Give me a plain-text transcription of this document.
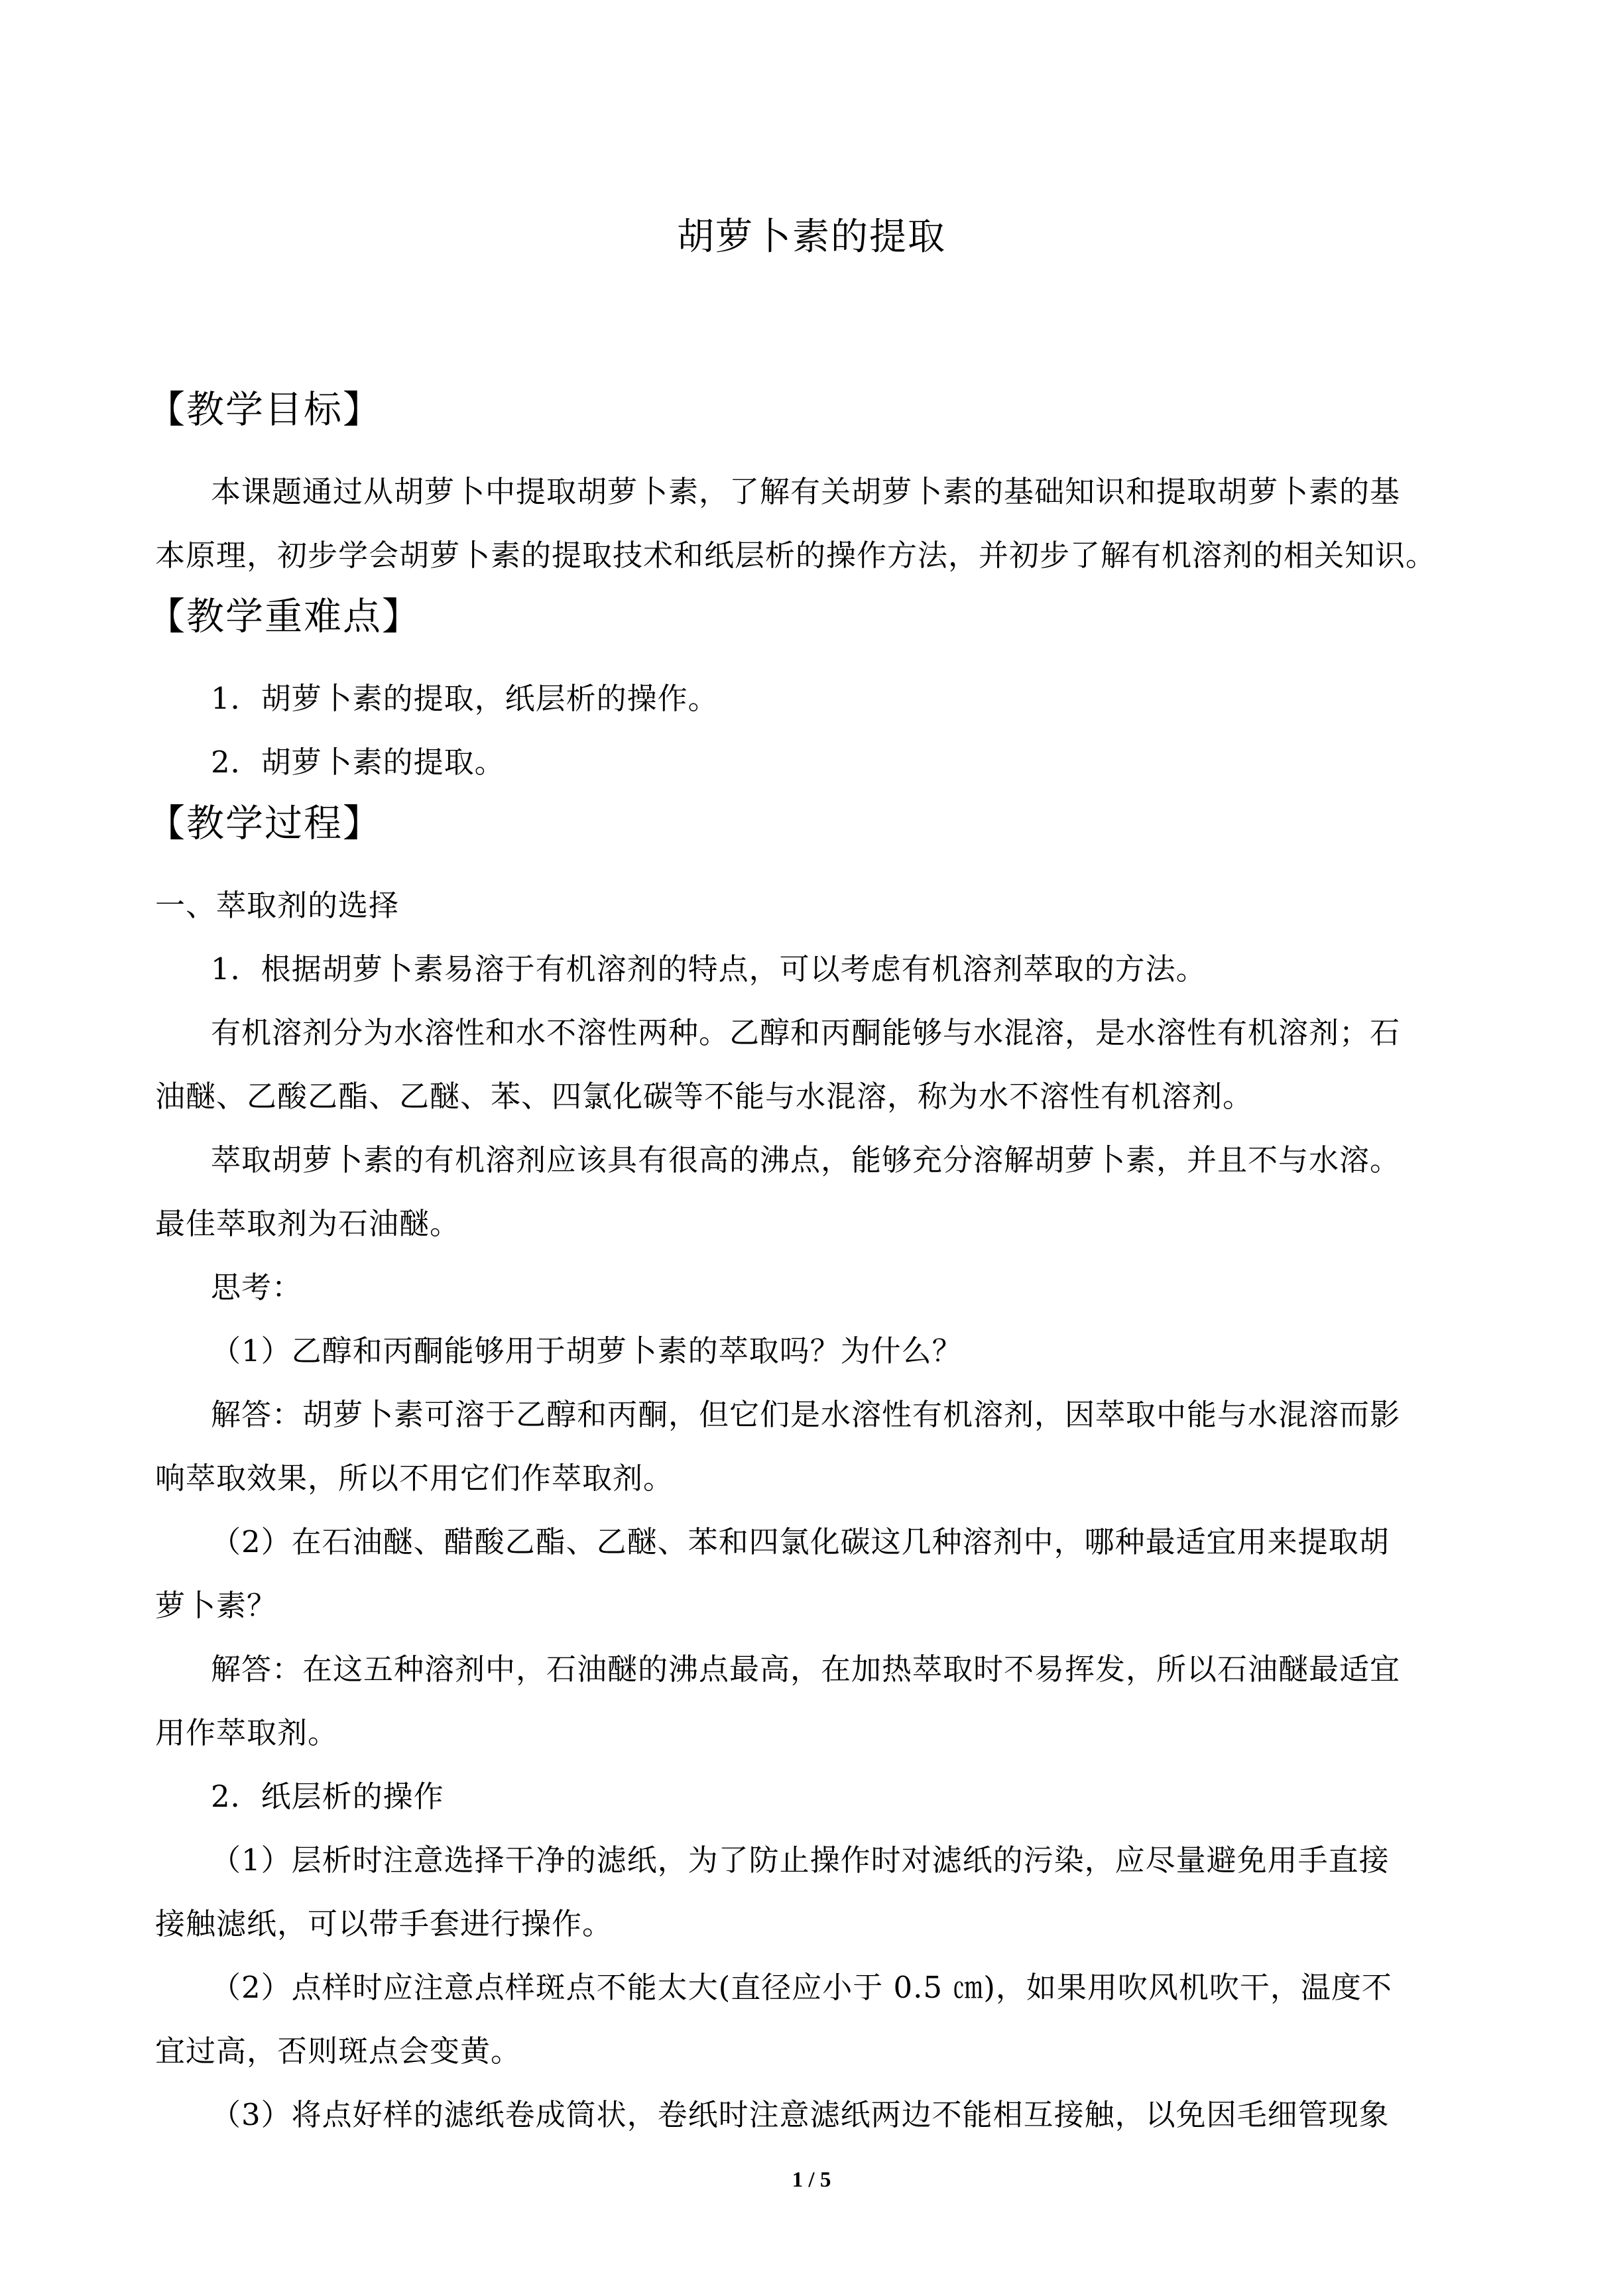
胡萝卜素的提取
【教学目标】
本课题通过从胡萝卜中提取胡萝卜素，了解有关胡萝卜素的基础知识和提取胡萝卜素的基
本原理，初步学会胡萝卜素的提取技术和纸层析的操作方法，并初步了解有机溶剂的相关知识。
【教学重难点】
1．胡萝卜素的提取，纸层析的操作。
2．胡萝卜素的提取。
【教学过程】
一、萃取剂的选择
1．根据胡萝卜素易溶于有机溶剂的特点，可以考虑有机溶剂萃取的方法。
有机溶剂分为水溶性和水不溶性两种。乙醇和丙酮能够与水混溶，是水溶性有机溶剂；石
油醚、乙酸乙酯、乙醚、苯、四氯化碳等不能与水混溶，称为水不溶性有机溶剂。
萃取胡萝卜素的有机溶剂应该具有很高的沸点，能够充分溶解胡萝卜素，并且不与水溶。
最佳萃取剂为石油醚。
思考：
（1）乙醇和丙酮能够用于胡萝卜素的萃取吗？为什么？
解答：胡萝卜素可溶于乙醇和丙酮，但它们是水溶性有机溶剂，因萃取中能与水混溶而影
响萃取效果，所以不用它们作萃取剂。
（2）在石油醚、醋酸乙酯、乙醚、苯和四氯化碳这几种溶剂中，哪种最适宜用来提取胡
萝卜素？
解答：在这五种溶剂中，石油醚的沸点最高，在加热萃取时不易挥发，所以石油醚最适宜
用作萃取剂。
2．纸层析的操作
（1）层析时注意选择干净的滤纸，为了防止操作时对滤纸的污染，应尽量避免用手直接
接触滤纸，可以带手套进行操作。
（2）点样时应注意点样斑点不能太大(直径应小于 0.5 ㎝)，如果用吹风机吹干，温度不
宜过高，否则斑点会变黄。
（3）将点好样的滤纸卷成筒状，卷纸时注意滤纸两边不能相互接触，以免因毛细管现象
1 / 5
